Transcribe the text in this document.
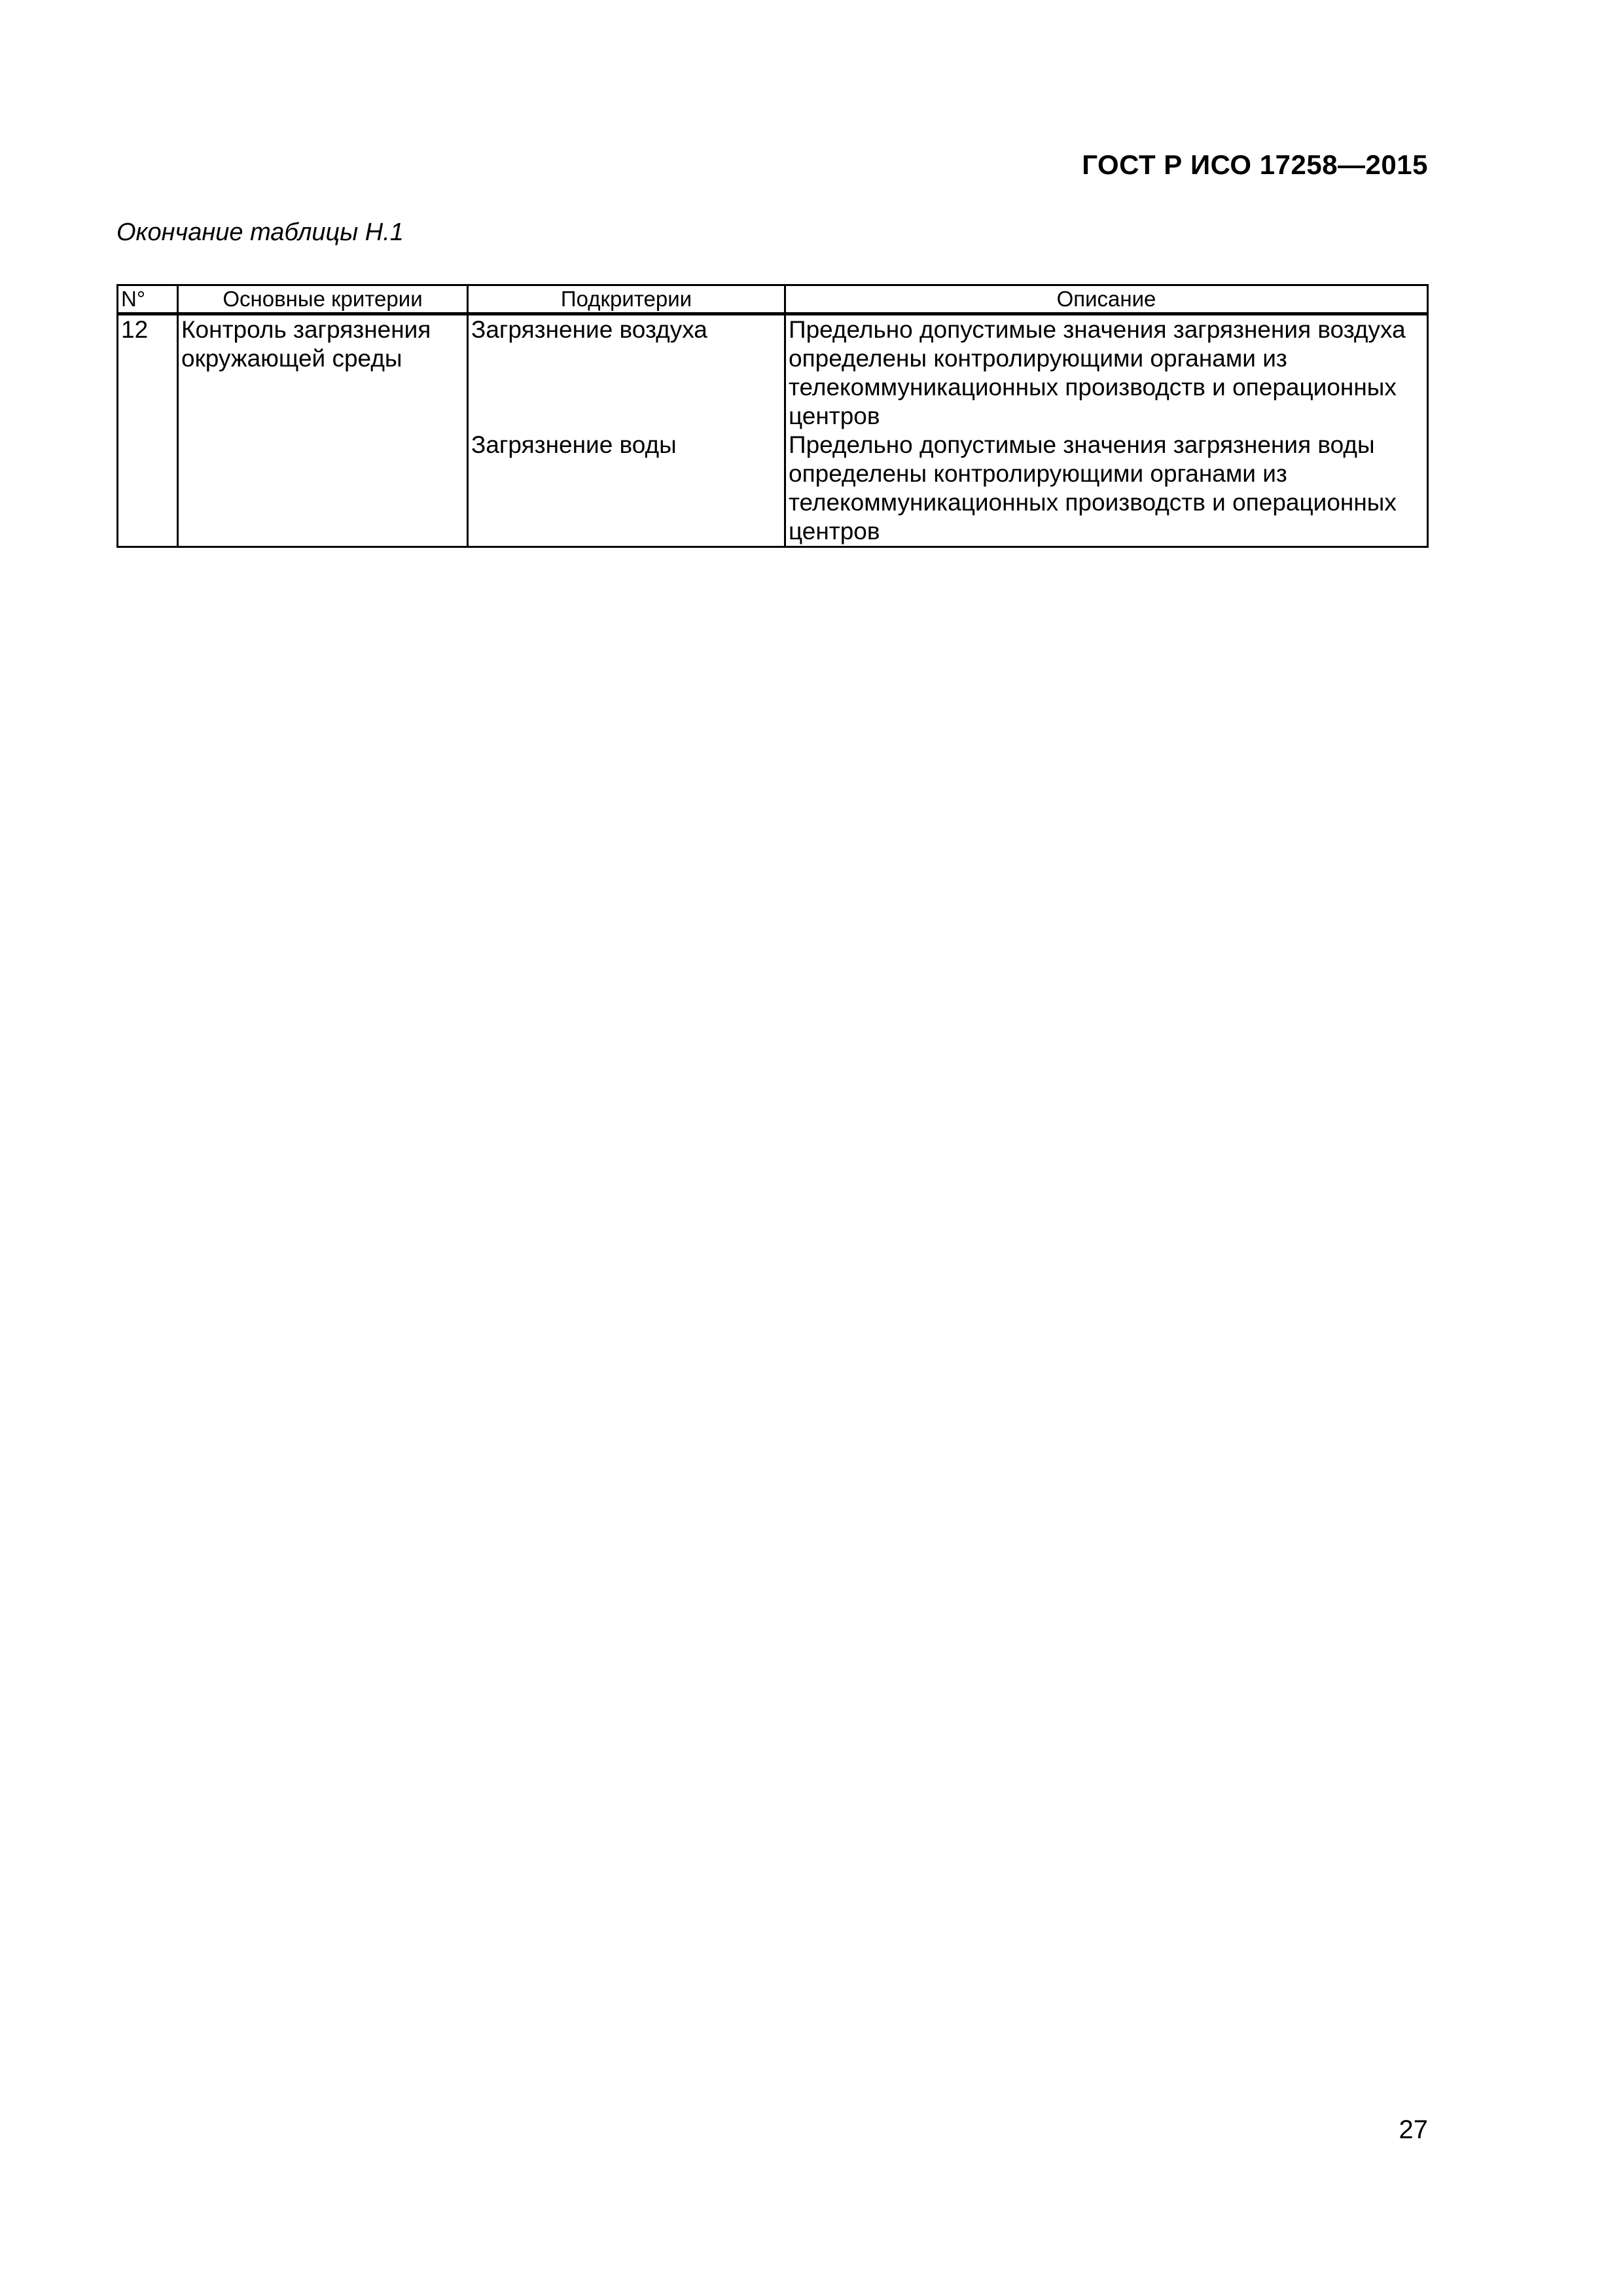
ГОСТ Р ИСО 17258—2015
Окончание таблицы Н.1
N°	Основные критерии	Подкритерии	Описание
12	Контроль загрязнения окружающей среды	Загрязнение воздуха	Предельно допустимые значения загрязнения воздуха определены контролирующими органами из телекоммуникационных производств и операционных центров
		Загрязнение воды	Предельно допустимые значения загрязнения воды определены контролирующими органами из телекоммуникационных производств и операционных центров
27
